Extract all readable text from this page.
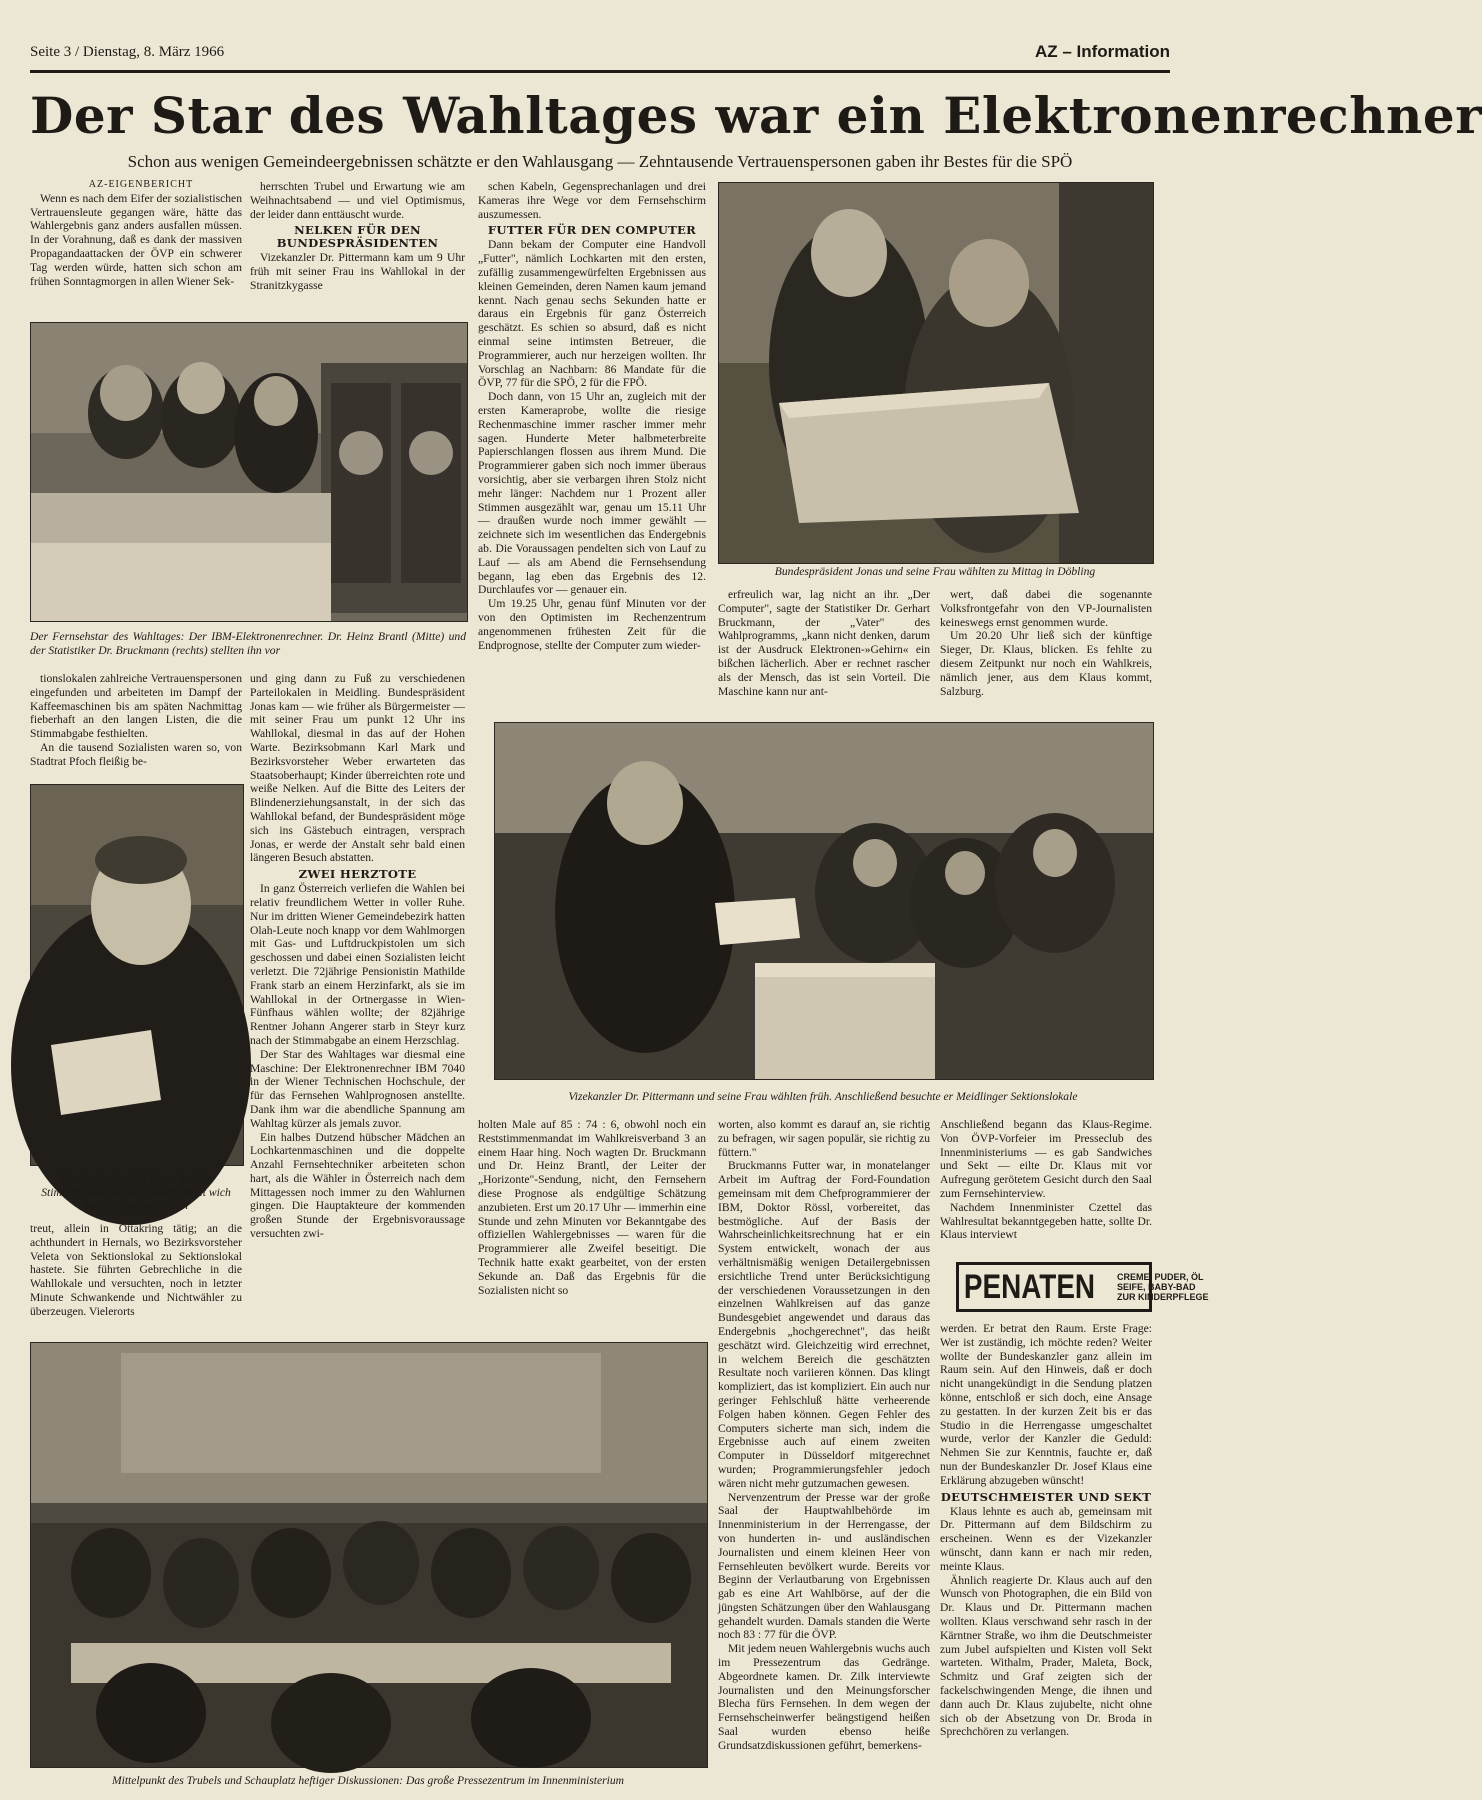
Seite 3 / Dienstag, 8. März 1966	AZ – Information
Der Star des Wahltages war ein Elektronenrechner
Schon aus wenigen Gemeindeergebnissen schätzte er den Wahlausgang — Zehntausende Vertrauenspersonen gaben ihr Bestes für die SPÖ

AZ-EIGENBERICHT

Wenn es nach dem Eifer der sozialistischen Vertrauensleute gegangen wäre, hätte das Wahlergebnis ganz anders ausfallen müssen. In der Vorahnung, daß es dank der massiven Propagandaattacken der ÖVP ein schwerer Tag werden würde, hatten sich schon am frühen Sonntagmorgen in allen Wiener Sek-

herrschten Trubel und Erwartung wie am Weihnachtsabend — und viel Optimismus, der leider dann enttäuscht wurde.

NELKEN FÜR DEN BUNDESPRÄSIDENTEN

Vizekanzler Dr. Pittermann kam um 9 Uhr früh mit seiner Frau ins Wahllokal in der Stranitzkygasse

Bundespräsident Jonas und seine Frau wählten zu Mittag in Döbling

schen Kabeln, Gegensprechanlagen und drei Kameras ihre Wege vor dem Fernsehschirm auszumessen.

FUTTER FÜR DEN COMPUTER

Dann bekam der Computer eine Handvoll „Futter", nämlich Lochkarten mit den ersten, zufällig zusammengewürfelten Ergebnissen aus kleinen Gemeinden, deren Namen kaum jemand kennt. Nach genau sechs Sekunden hatte er daraus ein Ergebnis für ganz Österreich geschätzt. Es schien so absurd, daß es nicht einmal seine intimsten Betreuer, die Programmierer, auch nur herzeigen wollten. Ihr Vorschlag an Nachbarn: 86 Mandate für die ÖVP, 77 für die SPÖ, 2 für die FPÖ.

Doch dann, von 15 Uhr an, zugleich mit der ersten Kameraprobe, wollte die riesige Rechenmaschine immer rascher immer mehr sagen. Hunderte Meter halbmeterbreite Papierschlangen flossen aus ihrem Mund. Die Programmierer gaben sich noch immer überaus vorsichtig, aber sie verbargen ihren Stolz nicht mehr länger: Nachdem nur 1 Prozent aller Stimmen ausgezählt war, genau um 15.11 Uhr — draußen wurde noch immer gewählt — zeichnete sich im wesentlichen das Endergebnis ab. Die Voraussagen pendelten sich von Lauf zu Lauf — als am Abend die Fernsehsendung begann, lag eben das Ergebnis des 12. Durchlaufes vor — genauer ein.

Um 19.25 Uhr, genau fünf Minuten vor der von den Optimisten im Rechenzentrum angenommenen frühesten Zeit für die Endprognose, stellte der Computer zum wieder-

Der Fernsehstar des Wahltages: Der IBM-Elektronenrechner. Dr. Heinz Brantl (Mitte) und der Statistiker Dr. Bruckmann (rechts) stellten ihn vor

erfreulich war, lag nicht an ihr. „Der Computer", sagte der Statistiker Dr. Gerhart Bruckmann, der „Vater" des Wahlprogramms, „kann nicht denken, darum ist der Ausdruck Elektronen-»Gehirn« ein bißchen lächerlich. Aber er rechnet rascher als der Mensch, das ist sein Vorteil. Die Maschine kann nur ant-

wert, daß dabei die sogenannte Volksfrontgefahr von den VP-Journalisten keineswegs ernst genommen wurde.

Um 20.20 Uhr ließ sich der künftige Sieger, Dr. Klaus, blicken. Es fehlte zu diesem Zeitpunkt nur noch ein Wahlkreis, nämlich jener, aus dem Klaus kommt, Salzburg.

tionslokalen zahlreiche Vertrauenspersonen eingefunden und arbeiteten im Dampf der Kaffeemaschinen bis am späten Nachmittag fieberhaft an den langen Listen, die die Stimmabgabe festhielten.

An die tausend Sozialisten waren so, von Stadtrat Pfoch fleißig be-

Bundeskanzler Dr. Klaus bei der Stimmabgabe. Seine Freundlichkeit wich bald Herrscherallüren

treut, allein in Ottakring tätig; an die achthundert in Hernals, wo Bezirksvorsteher Veleta von Sektionslokal zu Sektionslokal hastete. Sie führten Gebrechliche in die Wahllokale und versuchten, noch in letzter Minute Schwankende und Nichtwähler zu überzeugen. Vielerorts

und ging dann zu Fuß zu verschiedenen Parteilokalen in Meidling. Bundespräsident Jonas kam — wie früher als Bürgermeister — mit seiner Frau um punkt 12 Uhr ins Wahllokal, diesmal in das auf der Hohen Warte. Bezirksobmann Karl Mark und Bezirksvorsteher Weber erwarteten das Staatsoberhaupt; Kinder überreichten rote und weiße Nelken. Auf die Bitte des Leiters der Blindenerziehungsanstalt, in der sich das Wahllokal befand, der Bundespräsident möge sich ins Gästebuch eintragen, versprach Jonas, er werde der Anstalt sehr bald einen längeren Besuch abstatten.

ZWEI HERZTOTE

In ganz Österreich verliefen die Wahlen bei relativ freundlichem Wetter in voller Ruhe. Nur im dritten Wiener Gemeindebezirk hatten Olah-Leute noch knapp vor dem Wahlmorgen mit Gas- und Luftdruckpistolen um sich geschossen und dabei einen Sozialisten leicht verletzt. Die 72jährige Pensionistin Mathilde Frank starb an einem Herzinfarkt, als sie im Wahllokal in der Ortnergasse in Wien-Fünfhaus wählen wollte; der 82jährige Rentner Johann Angerer starb in Steyr kurz nach der Stimmabgabe an einem Herzschlag.

Der Star des Wahltages war diesmal eine Maschine: Der Elektronenrechner IBM 7040 in der Wiener Technischen Hochschule, der für das Fernsehen Wahlprognosen anstellte. Dank ihm war die abendliche Spannung am Wahltag kürzer als jemals zuvor.

Ein halbes Dutzend hübscher Mädchen an Lochkartenmaschinen und die doppelte Anzahl Fernsehtechniker arbeiteten schon hart, als die Wähler in Österreich nach dem Mittagessen noch immer zu den Wahlurnen gingen. Die Hauptakteure der kommenden großen Stunde der Ergebnisvoraussage versuchten zwi-

Vizekanzler Dr. Pittermann und seine Frau wählten früh. Anschließend besuchte er Meidlinger Sektionslokale

holten Male auf 85 : 74 : 6, obwohl noch ein Reststimmenmandat im Wahlkreisverband 3 an einem Haar hing. Noch wagten Dr. Bruckmann und Dr. Heinz Brantl, der Leiter der „Horizonte"-Sendung, nicht, den Fernsehern diese Prognose als endgültige Schätzung anzubieten. Erst um 20.17 Uhr — immerhin eine Stunde und zehn Minuten vor Bekanntgabe des offiziellen Wahlergebnisses — waren für die Programmierer alle Zweifel beseitigt. Die Technik hatte exakt gearbeitet, von der ersten Sekunde an. Daß das Ergebnis für die Sozialisten nicht so

worten, also kommt es darauf an, sie richtig zu befragen, wir sagen populär, sie richtig zu füttern."

Bruckmanns Futter war, in monatelanger Arbeit im Auftrag der Ford-Foundation gemeinsam mit dem Chefprogrammierer der IBM, Doktor Rössl, vorbereitet, das bestmögliche. Auf der Basis der Wahrscheinlichkeitsrechnung hat er ein System entwickelt, wonach der aus verhältnismäßig wenigen Detailergebnissen ersichtliche Trend unter Berücksichtigung der verschiedenen Voraussetzungen in den einzelnen Wahlkreisen auf das ganze Bundesgebiet angewendet und daraus das Endergebnis „hochgerechnet", das heißt geschätzt wird. Gleichzeitig wird errechnet, in welchem Bereich die geschätzten Resultate noch variieren können. Das klingt kompliziert, das ist kompliziert. Ein auch nur geringer Fehlschluß hätte verheerende Folgen haben können. Gegen Fehler des Computers sicherte man sich, indem die Ergebnisse auch auf einem zweiten Computer in Düsseldorf mitgerechnet wurden; Programmierungsfehler jedoch wären nicht mehr gutzumachen gewesen.

Nervenzentrum der Presse war der große Saal der Hauptwahlbehörde im Innenministerium in der Herrengasse, der von hunderten in- und ausländischen Journalisten und einem kleinen Heer von Fernsehleuten bevölkert wurde. Bereits vor Beginn der Verlautbarung von Ergebnissen gab es eine Art Wahlbörse, auf der die jüngsten Schätzungen über den Wahlausgang gehandelt wurden. Damals standen die Werte noch 83 : 77 für die ÖVP.

Mit jedem neuen Wahlergebnis wuchs auch im Pressezentrum das Gedränge. Abgeordnete kamen. Dr. Zilk interviewte Journalisten und den Meinungsforscher Blecha fürs Fernsehen. In dem wegen der Fernsehscheinwerfer beängstigend heißen Saal wurden ebenso heiße Grundsatzdiskussionen geführt, bemerkens-

Anschließend begann das Klaus-Regime. Von ÖVP-Vorfeier im Presseclub des Innenministeriums — es gab Sandwiches und Sekt — eilte Dr. Klaus mit vor Aufregung gerötetem Gesicht durch den Saal zum Fernsehinterview.

Nachdem Innenminister Czettel das Wahlresultat bekanntgegeben hatte, sollte Dr. Klaus interviewt

PENATEN	CREME, PUDER, ÖL
SEIFE, BABY-BAD
ZUR KINDERPFLEGE

werden. Er betrat den Raum. Erste Frage: Wer ist zuständig, ich möchte reden? Weiter wollte der Bundeskanzler ganz allein im Raum sein. Auf den Hinweis, daß er doch nicht unangekündigt in die Sendung platzen könne, entschloß er sich doch, eine Ansage zu gestatten. In der kurzen Zeit bis er das Studio in die Herrengasse umgeschaltet wurde, verlor der Kanzler die Geduld: Nehmen Sie zur Kenntnis, fauchte er, daß nun der Bundeskanzler Dr. Josef Klaus eine Erklärung abzugeben wünscht!

DEUTSCHMEISTER UND SEKT

Klaus lehnte es auch ab, gemeinsam mit Dr. Pittermann auf dem Bildschirm zu erscheinen. Wenn es der Vizekanzler wünscht, dann kann er nach mir reden, meinte Klaus.

Ähnlich reagierte Dr. Klaus auch auf den Wunsch von Photographen, die ein Bild von Dr. Klaus und Dr. Pittermann machen wollten. Klaus verschwand sehr rasch in der Kärntner Straße, wo ihm die Deutschmeister zum Jubel aufspielten und Kisten voll Sekt warteten. Withalm, Prader, Maleta, Bock, Schmitz und Graf zeigten sich der fackelschwingenden Menge, die ihnen und dann auch Dr. Klaus zujubelte, nicht ohne sich ob der Absetzung von Dr. Broda in Sprechchören zu verlangen.

Mittelpunkt des Trubels und Schauplatz heftiger Diskussionen: Das große Pressezentrum im Innenministerium
